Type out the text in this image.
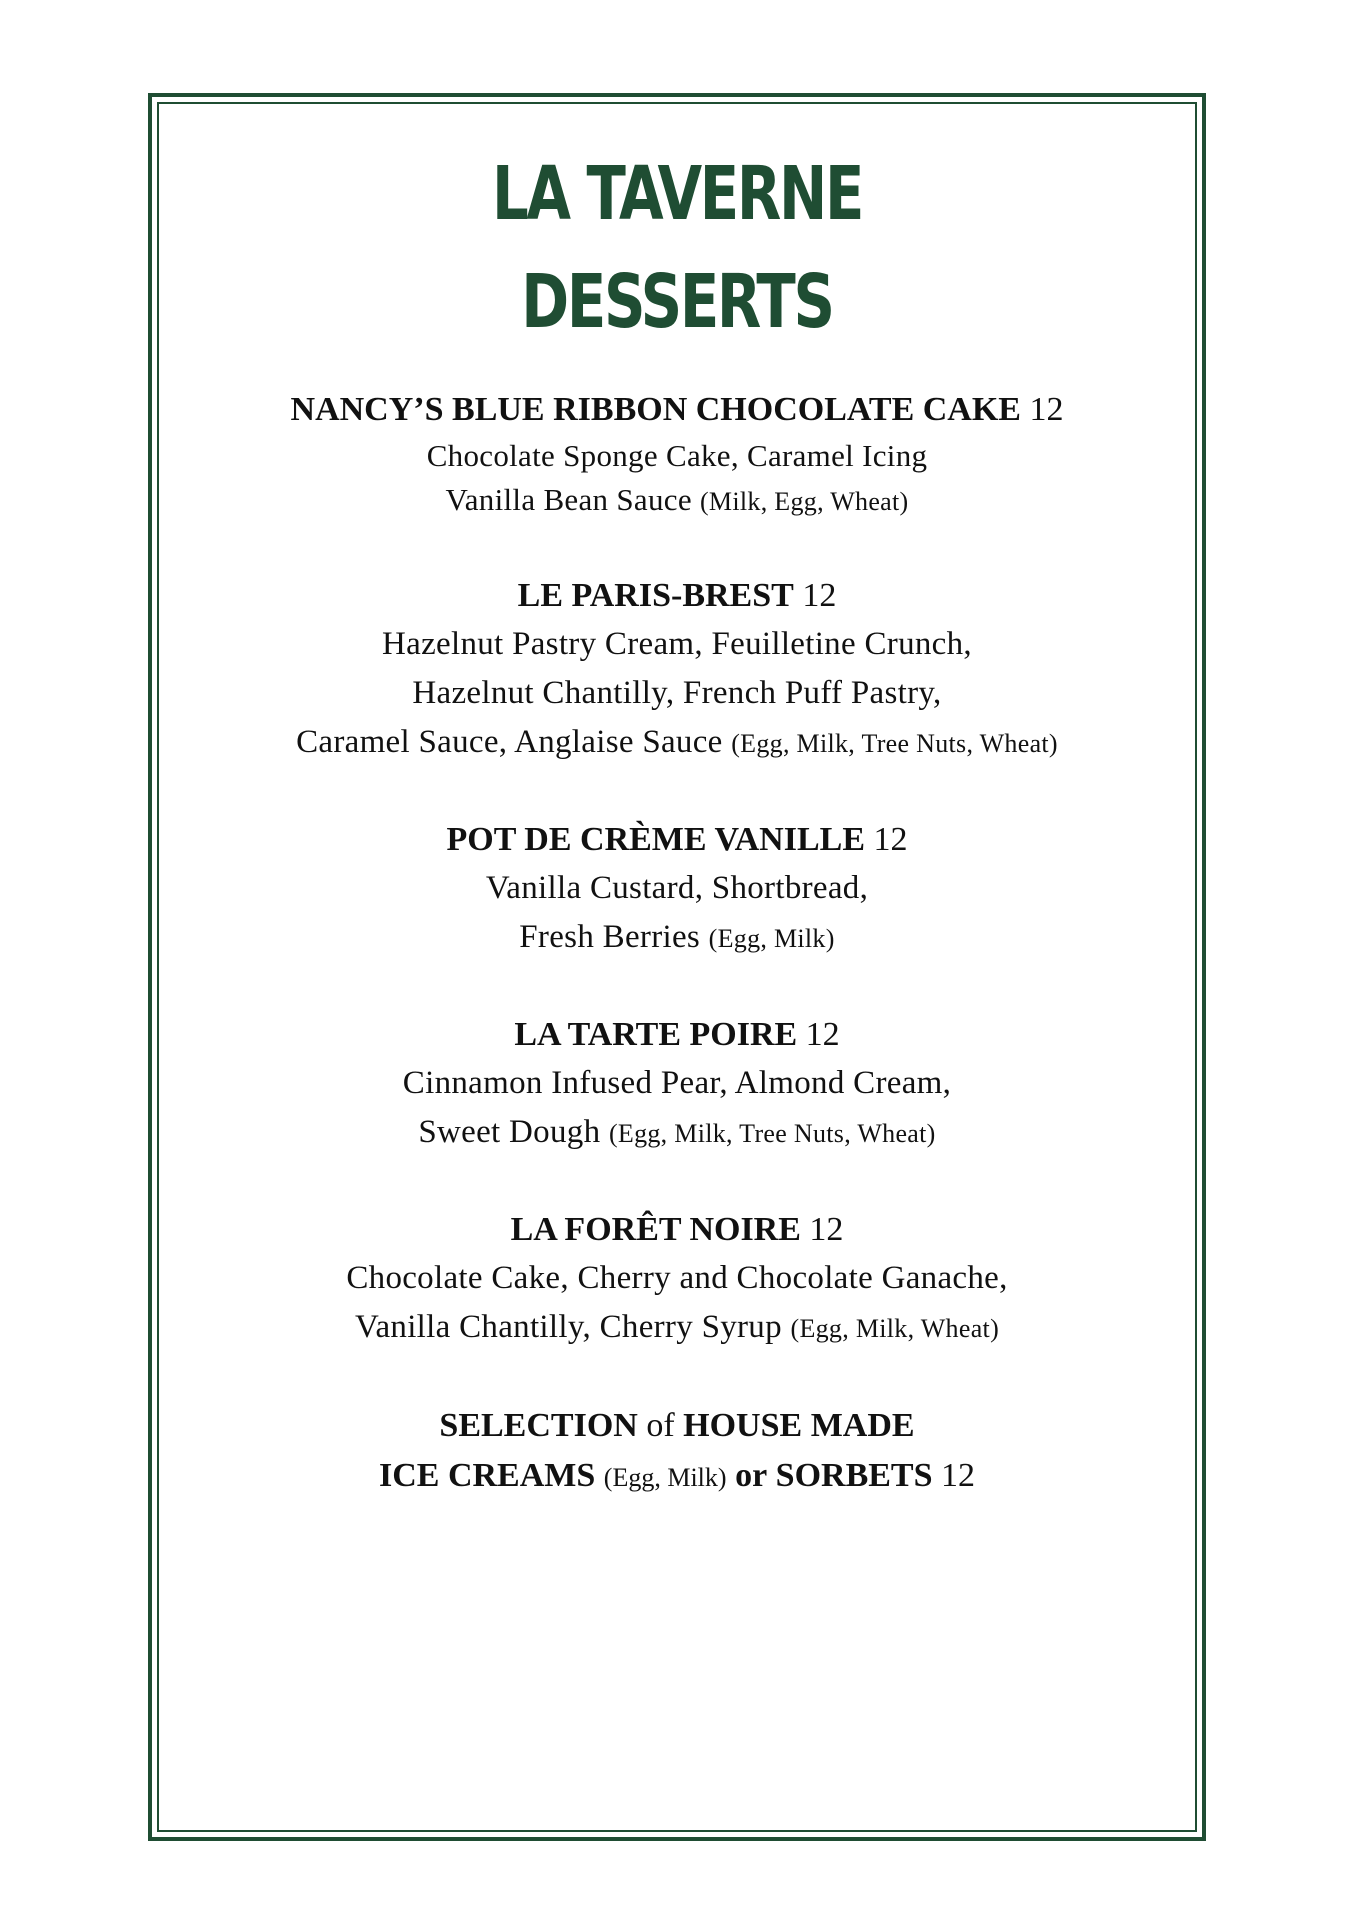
LA TAVERNE
DESSERTS
NANCY’S BLUE RIBBON CHOCOLATE CAKE 12
Chocolate Sponge Cake, Caramel Icing
Vanilla Bean Sauce (Milk, Egg, Wheat)
LE PARIS-BREST 12
Hazelnut Pastry Cream, Feuilletine Crunch,
Hazelnut Chantilly, French Puff Pastry,
Caramel Sauce, Anglaise Sauce (Egg, Milk, Tree Nuts, Wheat)
POT DE CRÈME VANILLE 12
Vanilla Custard, Shortbread,
Fresh Berries (Egg, Milk)
LA TARTE POIRE 12
Cinnamon Infused Pear, Almond Cream,
Sweet Dough (Egg, Milk, Tree Nuts, Wheat)
LA FORÊT NOIRE 12
Chocolate Cake, Cherry and Chocolate Ganache,
Vanilla Chantilly, Cherry Syrup (Egg, Milk, Wheat)
SELECTION of HOUSE MADE
ICE CREAMS (Egg, Milk) or SORBETS 12
